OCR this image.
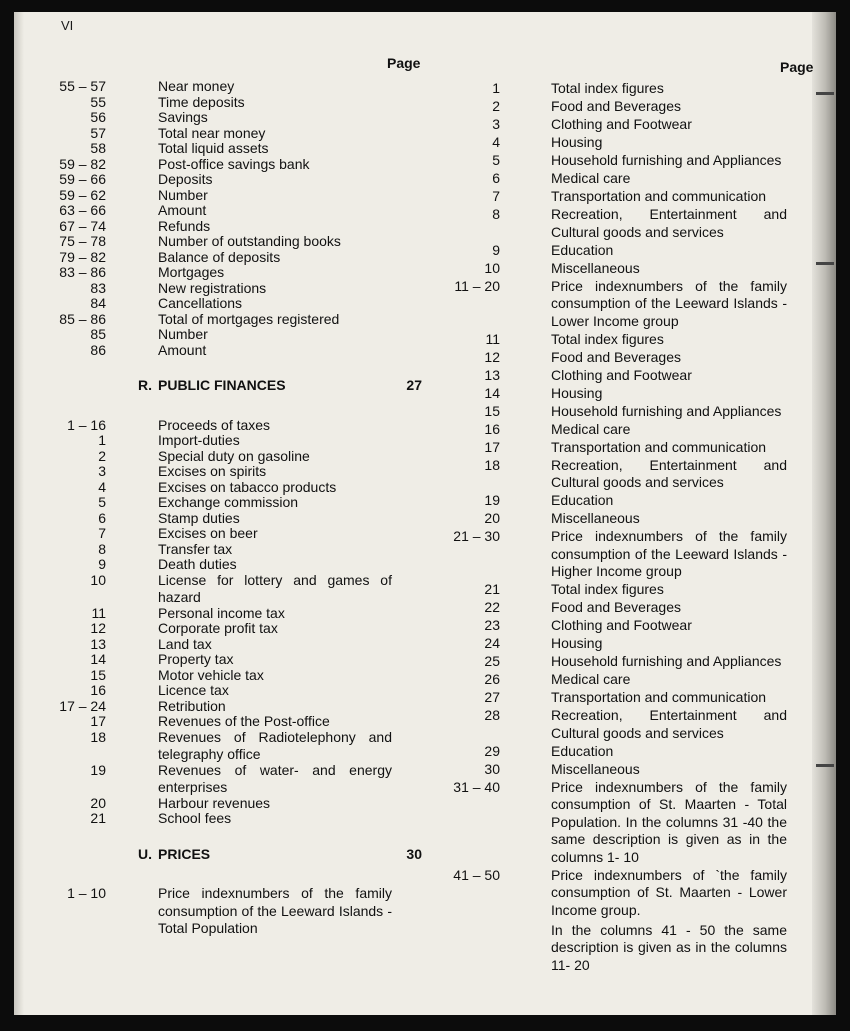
VI
Page	Page
55 – 57	Near money
55	Time deposits
56	Savings
57	Total near money
58	Total liquid assets
59 – 82	Post-office savings bank
59 – 66	Deposits
59 – 62	Number
63 – 66	Amount
67 – 74	Refunds
75 – 78	Number of outstanding books
79 – 82	Balance of deposits
83 – 86	Mortgages
83	New registrations
84	Cancellations
85 – 86	Total of mortgages registered
85	Number
86	Amount
R. PUBLIC FINANCES	27
1 – 16	Proceeds of taxes
1	Import-duties
2	Special duty on gasoline
3	Excises on spirits
4	Excises on tabacco products
5	Exchange commission
6	Stamp duties
7	Excises on beer
8	Transfer tax
9	Death duties
10	License for lottery and games of hazard
11	Personal income tax
12	Corporate profit tax
13	Land tax
14	Property tax
15	Motor vehicle tax
16	Licence tax
17 – 24	Retribution
17	Revenues of the Post-office
18	Revenues of Radiotelephony and telegraphy office
19	Revenues of water- and energy enterprises
20	Harbour revenues
21	School fees
U. PRICES	30
1 – 10	Price indexnumbers of the family consumption of the Leeward Islands - Total Population
1	Total index figures
2	Food and Beverages
3	Clothing and Footwear
4	Housing
5	Household furnishing and Appliances
6	Medical care
7	Transportation and communication
8	Recreation, Entertainment and Cultural goods and services
9	Education
10	Miscellaneous
11 – 20	Price indexnumbers of the family consumption of the Leeward Islands - Lower Income group
11	Total index figures
12	Food and Beverages
13	Clothing and Footwear
14	Housing
15	Household furnishing and Appliances
16	Medical care
17	Transportation and communication
18	Recreation, Entertainment and Cultural goods and services
19	Education
20	Miscellaneous
21 – 30	Price indexnumbers of the family consumption of the Leeward Islands - Higher Income group
21	Total index figures
22	Food and Beverages
23	Clothing and Footwear
24	Housing
25	Household furnishing and Appliances
26	Medical care
27	Transportation and communication
28	Recreation, Entertainment and Cultural goods and services
29	Education
30	Miscellaneous
31 – 40	Price indexnumbers of the family consumption of St. Maarten - Total Population. In the columns 31 -40 the same description is given as in the columns 1- 10
41 – 50	Price indexnumbers of `the family consumption of St. Maarten - Lower Income group.
In the columns 41 - 50 the same description is given as in the columns 11- 20
